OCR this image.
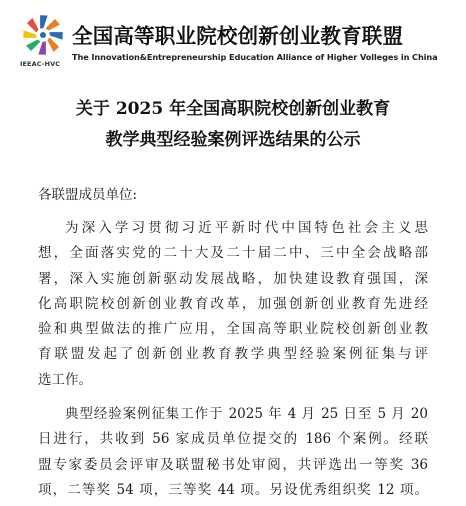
IEEAC-HVC
全国高等职业院校创新创业教育联盟
The Innovation&Entrepreneurship Education Alliance of Higher Volleges in China
关于 2025 年全国高职院校创新创业教育
教学典型经验案例评选结果的公示
各联盟成员单位:
为深入学习贯彻习近平新时代中国特色社会主义思
想，全面落实党的二十大及二十届二中、三中全会战略部
署，深入实施创新驱动发展战略，加快建设教育强国，深
化高职院校创新创业教育改革，加强创新创业教育先进经
验和典型做法的推广应用，全国高等职业院校创新创业教
育联盟发起了创新创业教育教学典型经验案例征集与评
选工作。
典型经验案例征集工作于 2025 年 4 月 25 日至 5 月 20
日进行，共收到 56 家成员单位提交的 186 个案例。经联
盟专家委员会评审及联盟秘书处审阅，共评选出一等奖 36
项，二等奖 54 项，三等奖 44 项。另设优秀组织奖 12 项。
